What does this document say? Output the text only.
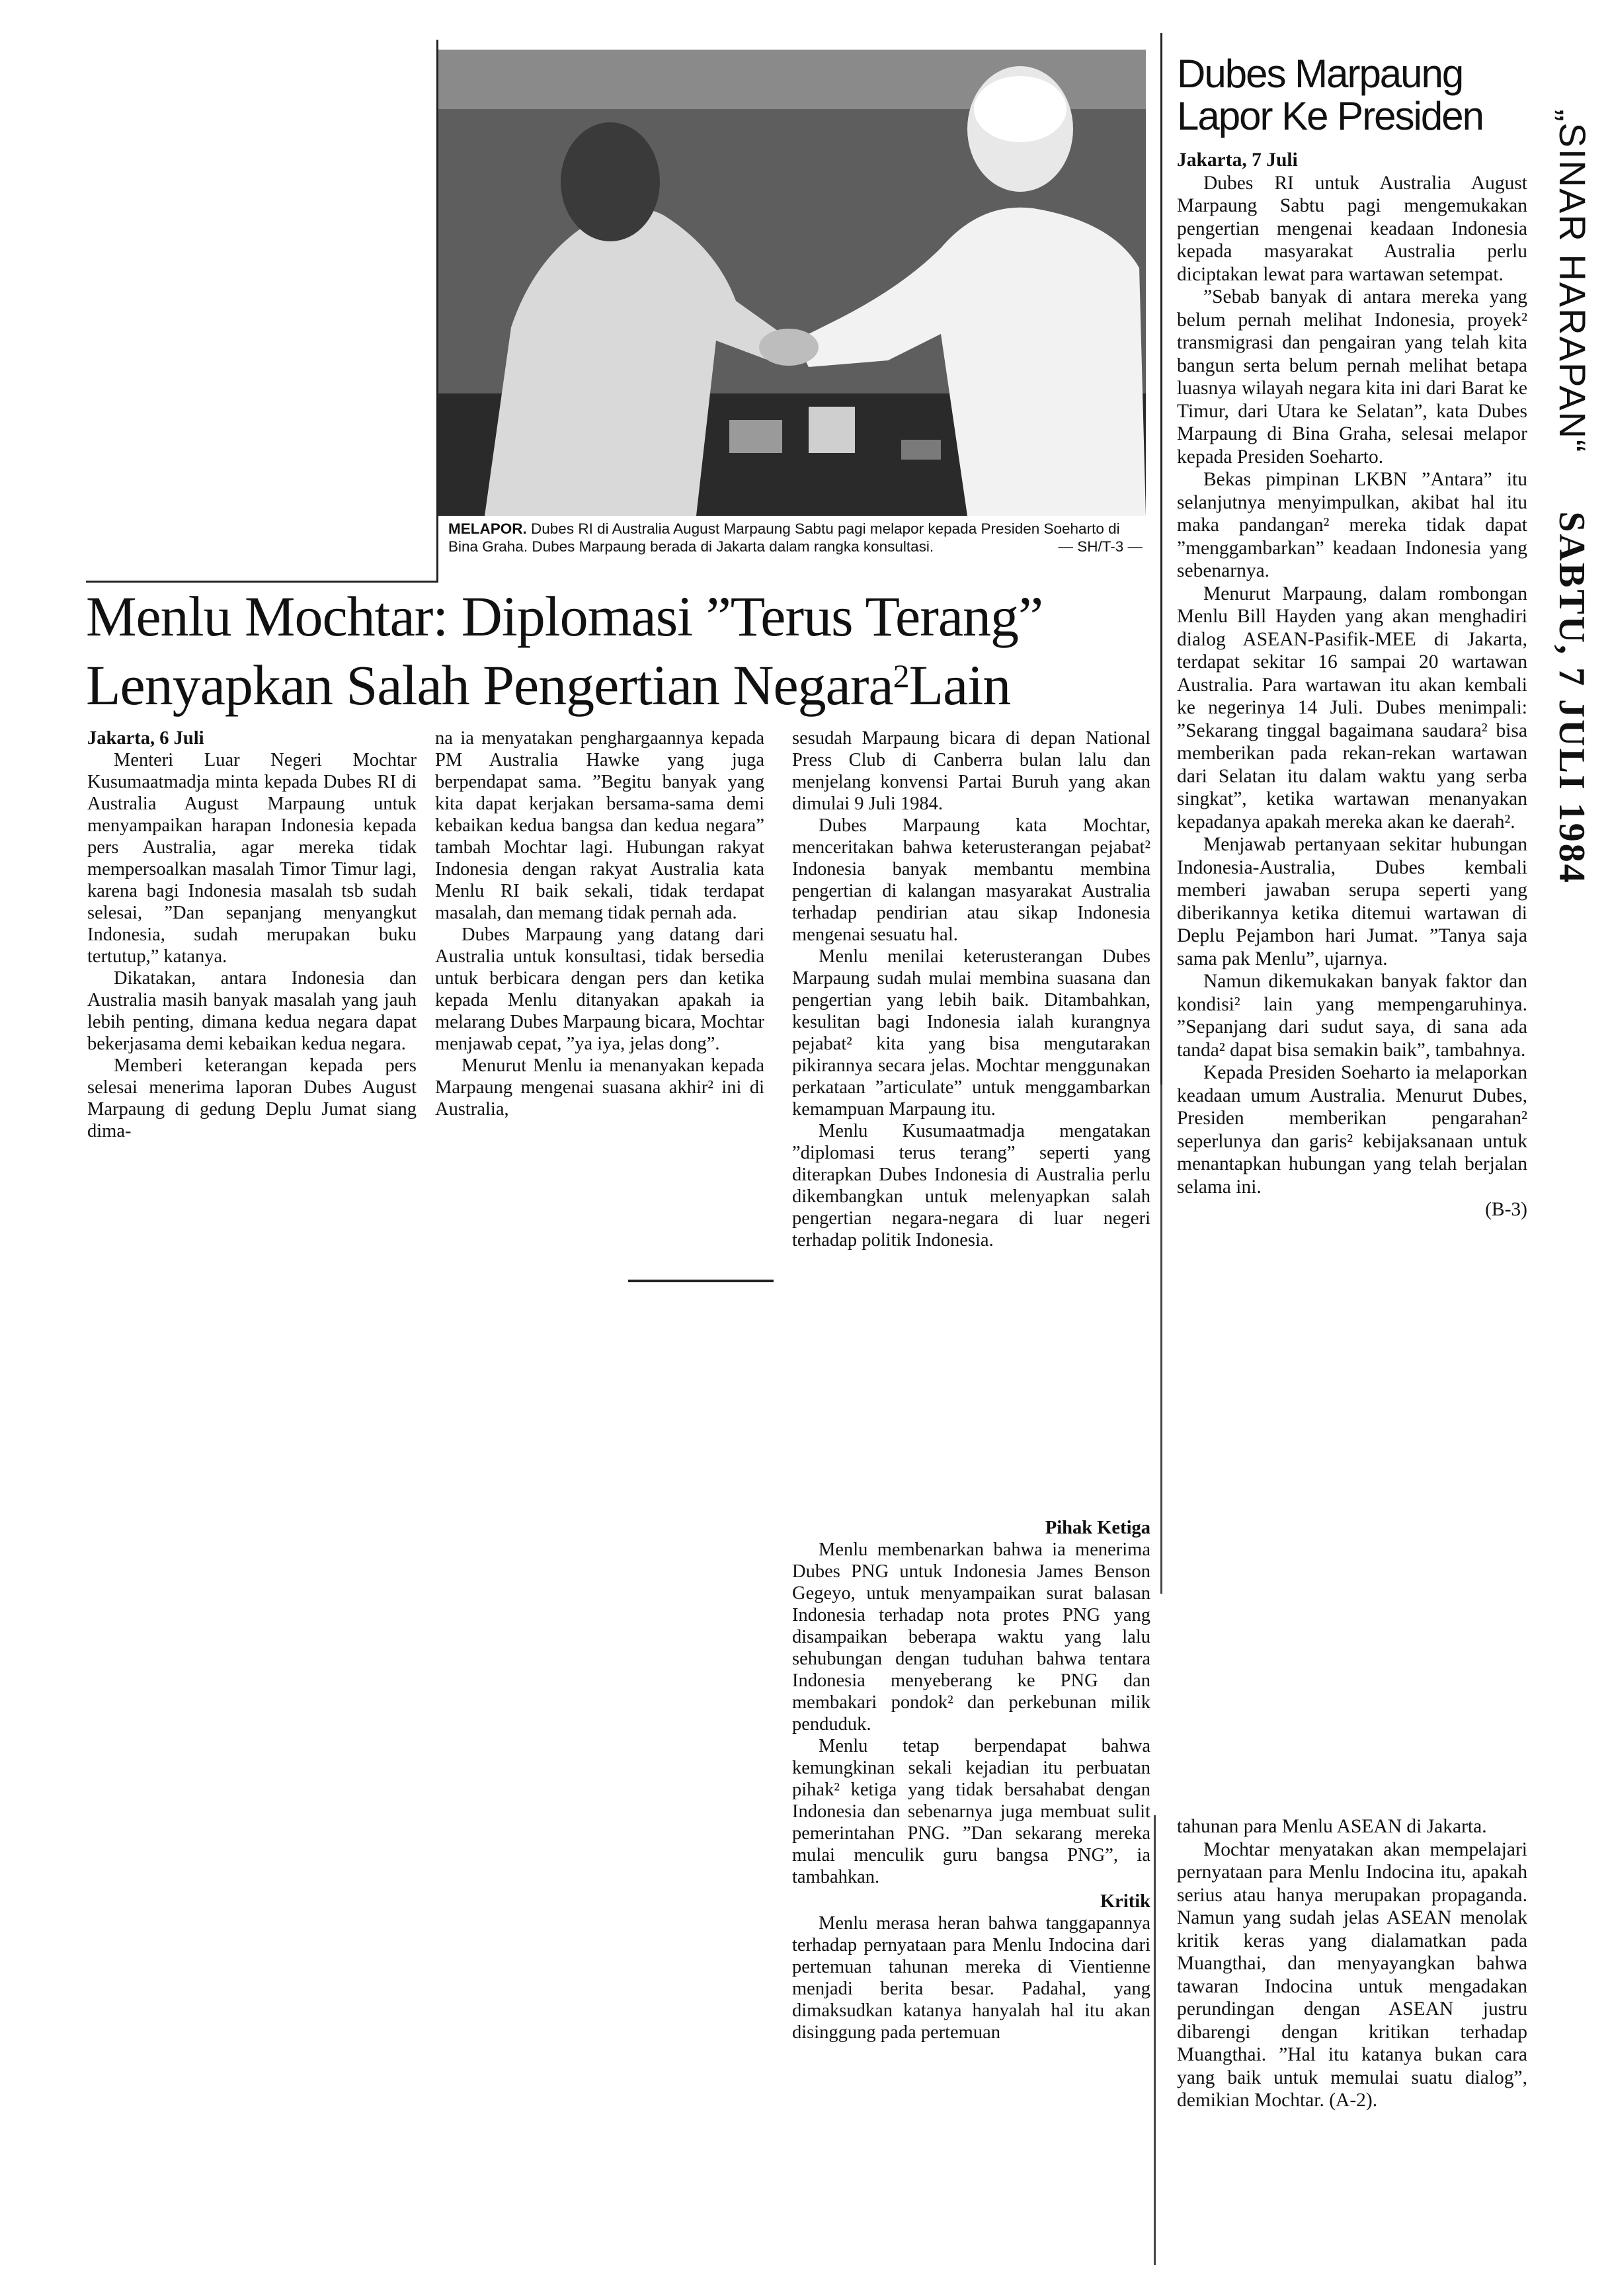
MELAPOR. Dubes RI di Australia August Marpaung Sabtu pagi melapor kepada Presiden Soeharto di Bina Graha. Dubes Marpaung berada di Jakarta dalam rangka konsultasi.	— SH/T-3 —
Dubes Marpaung
Lapor Ke Presiden	„SINAR HARAPAN“     SABTU, 7 JULI 1984
Menlu Mochtar: Diplomasi ”Terus Terang”
Lenyapkan Salah Pengertian Negara$^2$Lain

Jakarta, 6 Juli

Menteri Luar Negeri Mochtar Kusumaatmadja minta kepada Dubes RI di Australia August Marpaung untuk menyampaikan harapan Indonesia kepada pers Australia, agar mereka tidak mempersoalkan masalah Timor Timur lagi, karena bagi Indonesia masalah tsb sudah selesai, ”Dan sepanjang menyangkut Indonesia, sudah merupakan buku tertutup,” katanya.

Dikatakan, antara Indonesia dan Australia masih banyak masalah yang jauh lebih penting, dimana kedua negara dapat bekerjasama demi kebaikan kedua negara.

Memberi keterangan kepada pers selesai menerima laporan Dubes August Marpaung di gedung Deplu Jumat siang dima-

na ia menyatakan penghargaannya kepada PM Australia Hawke yang juga berpendapat sama. ”Begitu banyak yang kita dapat kerjakan bersama-sama demi kebaikan kedua bangsa dan kedua negara” tambah Mochtar lagi. Hubungan rakyat Indonesia dengan rakyat Australia kata Menlu RI baik sekali, tidak terdapat masalah, dan memang tidak pernah ada.

Dubes Marpaung yang datang dari Australia untuk konsultasi, tidak bersedia untuk berbicara dengan pers dan ketika kepada Menlu ditanyakan apakah ia melarang Dubes Marpaung bicara, Mochtar menjawab cepat, ”ya iya, jelas dong”.

Menurut Menlu ia menanyakan kepada Marpaung mengenai suasana akhir² ini di Australia,

sesudah Marpaung bicara di depan National Press Club di Canberra bulan lalu dan menjelang konvensi Partai Buruh yang akan dimulai 9 Juli 1984.

Dubes Marpaung kata Mochtar, menceritakan bahwa keterusterangan pejabat² Indonesia banyak membantu membina pengertian di kalangan masyarakat Australia terhadap pendirian atau sikap Indonesia mengenai sesuatu hal.

Menlu menilai keterusterangan Dubes Marpaung sudah mulai membina suasana dan pengertian yang lebih baik. Ditambahkan, kesulitan bagi Indonesia ialah kurangnya pejabat² kita yang bisa mengutarakan pikirannya secara jelas. Mochtar menggunakan perkataan ”articulate” untuk menggambarkan kemampuan Marpaung itu.

Menlu Kusumaatmadja mengatakan ”diplomasi terus terang” seperti yang diterapkan Dubes Indonesia di Australia perlu dikembangkan untuk melenyapkan salah pengertian negara-negara di luar negeri terhadap politik Indonesia.

Pihak Ketiga

Menlu membenarkan bahwa ia menerima Dubes PNG untuk Indonesia James Benson Gegeyo, untuk menyampaikan surat balasan Indonesia terhadap nota protes PNG yang disampaikan beberapa waktu yang lalu sehubungan dengan tuduhan bahwa tentara Indonesia menyeberang ke PNG dan membakari pondok² dan perkebunan milik penduduk.

Menlu tetap berpendapat bahwa kemungkinan sekali kejadian itu perbuatan pihak² ketiga yang tidak bersahabat dengan Indonesia dan sebenarnya juga membuat sulit pemerintahan PNG. ”Dan sekarang mereka mulai menculik guru bangsa PNG”, ia tambahkan.

Kritik

Menlu merasa heran bahwa tanggapannya terhadap pernyataan para Menlu Indocina dari pertemuan tahunan mereka di Vientienne menjadi berita besar. Padahal, yang dimaksudkan katanya hanyalah hal itu akan disinggung pada pertemuan

Jakarta, 7 Juli

Dubes RI untuk Australia August Marpaung Sabtu pagi mengemukakan pengertian mengenai keadaan Indonesia kepada masyarakat Australia perlu diciptakan lewat para wartawan setempat.

”Sebab banyak di antara mereka yang belum pernah melihat Indonesia, proyek² transmigrasi dan pengairan yang telah kita bangun serta belum pernah melihat betapa luasnya wilayah negara kita ini dari Barat ke Timur, dari Utara ke Selatan”, kata Dubes Marpaung di Bina Graha, selesai melapor kepada Presiden Soeharto.

Bekas pimpinan LKBN ”Antara” itu selanjutnya menyimpulkan, akibat hal itu maka pandangan² mereka tidak dapat ”menggambarkan” keadaan Indonesia yang sebenarnya.

Menurut Marpaung, dalam rombongan Menlu Bill Hayden yang akan menghadiri dialog ASEAN-Pasifik-MEE di Jakarta, terdapat sekitar 16 sampai 20 wartawan Australia. Para wartawan itu akan kembali ke negerinya 14 Juli. Dubes menimpali: ”Sekarang tinggal bagaimana saudara² bisa memberikan pada rekan-rekan wartawan dari Selatan itu dalam waktu yang serba singkat”, ketika wartawan menanyakan kepadanya apakah mereka akan ke daerah².

Menjawab pertanyaan sekitar hubungan Indonesia-Australia, Dubes kembali memberi jawaban serupa seperti yang diberikannya ketika ditemui wartawan di Deplu Pejambon hari Jumat. ”Tanya saja sama pak Menlu”, ujarnya.

Namun dikemukakan banyak faktor dan kondisi² lain yang mempengaruhinya. ”Sepanjang dari sudut saya, di sana ada tanda² dapat bisa semakin baik”, tambahnya.

Kepada Presiden Soeharto ia melaporkan keadaan umum Australia. Menurut Dubes, Presiden memberikan pengarahan² seperlunya dan garis² kebijaksanaan untuk menantapkan hubungan yang telah berjalan selama ini.

(B-3)

tahunan para Menlu ASEAN di Jakarta.

Mochtar menyatakan akan mempelajari pernyataan para Menlu Indocina itu, apakah serius atau hanya merupakan propaganda. Namun yang sudah jelas ASEAN menolak kritik keras yang dialamatkan pada Muangthai, dan menyayangkan bahwa tawaran Indocina untuk mengadakan perundingan dengan ASEAN justru dibarengi dengan kritikan terhadap Muangthai. ”Hal itu katanya bukan cara yang baik untuk memulai suatu dialog”, demikian Mochtar. (A-2).
